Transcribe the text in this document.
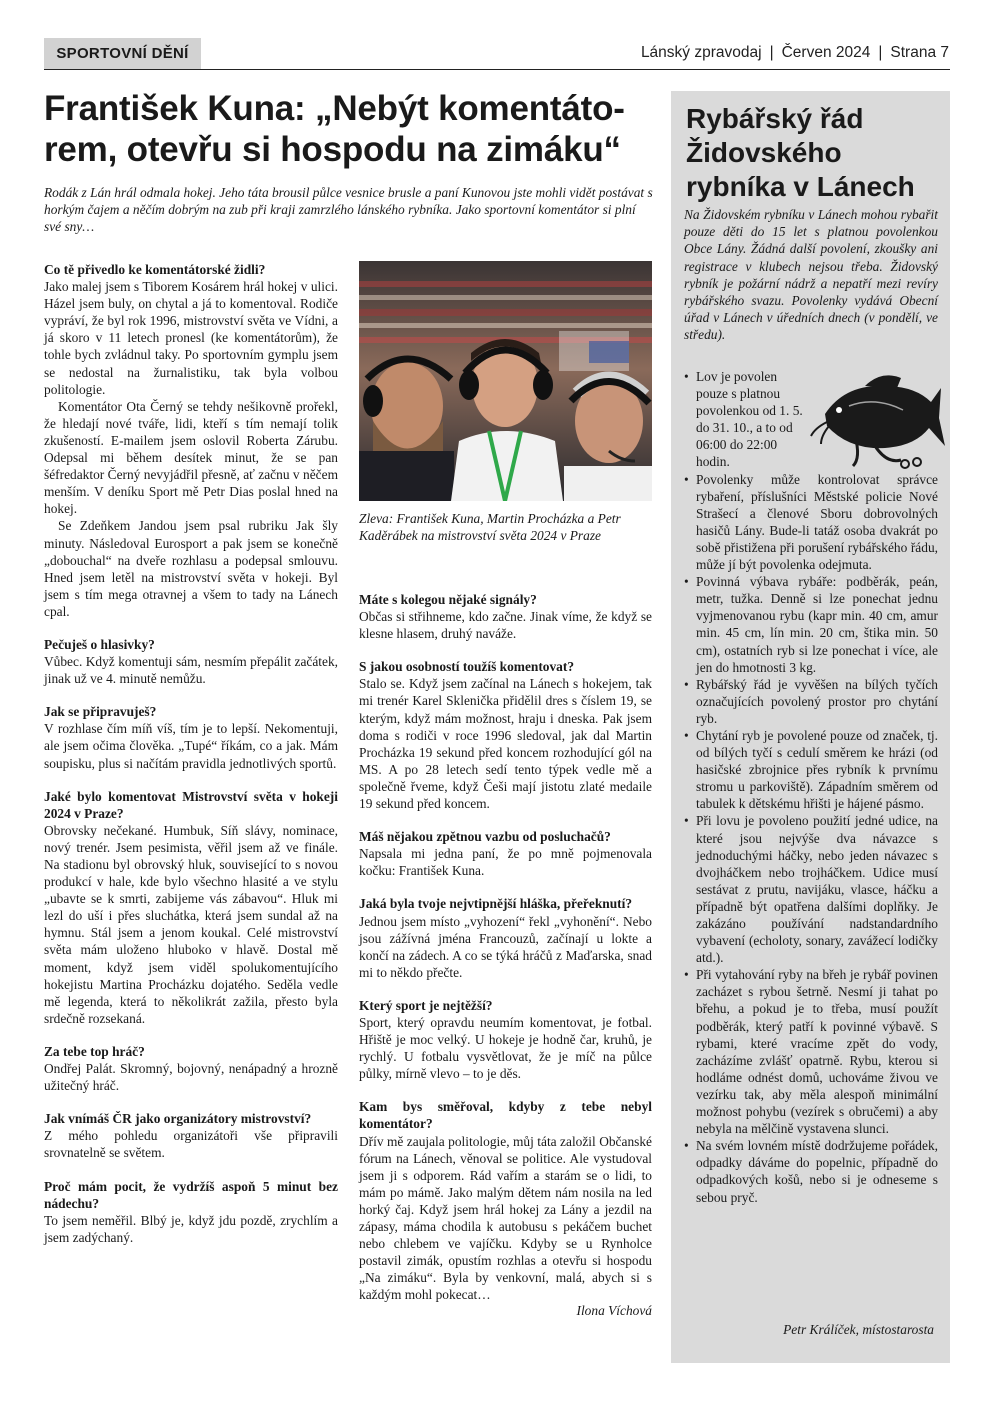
SPORTOVNÍ DĚNÍ	Lánský zpravodaj | Červen 2024 | Strana 7
František Kuna: „Nebýt komentátorem, otevřu si hospodu na zimáku“

Rodák z Lán hrál odmala hokej. Jeho táta brousil půlce vesnice brusle a paní Kunovou jste mohli vidět postávat s horkým čajem a něčím dobrým na zub při kraji zamrzlého lánského rybníka. Jako sportovní komentátor si plní své sny…

Co tě přivedlo ke komentátorské židli?

Jako malej jsem s Tiborem Kosárem hrál hokej v ulici. Házel jsem buly, on chytal a já to komentoval. Rodiče vypráví, že byl rok 1996, mistrovství světa ve Vídni, a já skoro v 11 letech pronesl (ke komentátorům), že tohle bych zvládnul taky. Po sportovním gymplu jsem se nedostal na žurnalistiku, tak byla volbou politologie.

Komentátor Ota Černý se tehdy nešikovně prořekl, že hledají nové tváře, lidi, kteří s tím nemají tolik zkušeností. E-mailem jsem oslovil Roberta Zárubu. Odepsal mi během desítek minut, že se pan šéfredaktor Černý nevyjádřil přesně, ať začnu v něčem menším. V deníku Sport mě Petr Dias poslal hned na hokej.

Se Zdeňkem Jandou jsem psal rubriku Jak šly minuty. Následoval Eurosport a pak jsem se konečně „dobouchal“ na dveře rozhlasu a podepsal smlouvu. Hned jsem letěl na mistrovství světa v hokeji. Byl jsem s tím mega otravnej a všem to tady na Lánech cpal.

Pečuješ o hlasivky?

Vůbec. Když komentuji sám, nesmím přepálit začátek, jinak už ve 4. minutě nemůžu.

Jak se připravuješ?

V rozhlase čím míň víš, tím je to lepší. Nekomentuji, ale jsem očima člověka. „Tupé“ říkám, co a jak. Mám soupisku, plus si načítám pravidla jednotlivých sportů.

Jaké bylo komentovat Mistrovství světa v hokeji 2024 v Praze?

Obrovsky nečekané. Humbuk, Síň slávy, nominace, nový trenér. Jsem pesimista, věřil jsem až ve finále. Na stadionu byl obrovský hluk, související to s novou produkcí v hale, kde bylo všechno hlasité a ve stylu „ubavte se k smrti, zabijeme vás zábavou“. Hluk mi lezl do uší i přes sluchátka, která jsem sundal až na hymnu. Stál jsem a jenom koukal. Celé mistrovství světa mám uloženo hluboko v hlavě. Dostal mě moment, když jsem viděl spolukomentujícího hokejistu Martina Procházku dojatého. Seděla vedle mě legenda, která to několikrát zažila, přesto byla srdečně rozsekaná.

Za tebe top hráč?

Ondřej Palát. Skromný, bojovný, nenápadný a hrozně užitečný hráč.

Jak vnímáš ČR jako organizátory mistrovství?

Z mého pohledu organizátoři vše připravili srovnatelně se světem.

Proč mám pocit, že vydržíš aspoň 5 minut bez nádechu?

To jsem neměřil. Blbý je, když jdu pozdě, zrychlím a jsem zadýchaný.

Zleva: František Kuna, Martin Procházka a Petr Kaděrábek na mistrovství světa 2024 v Praze

Máte s kolegou nějaké signály?

Občas si střihneme, kdo začne. Jinak víme, že když se klesne hlasem, druhý naváže.

S jakou osobností toužíš komentovat?

Stalo se. Když jsem začínal na Lánech s hokejem, tak mi trenér Karel Sklenička přidělil dres s číslem 19, se kterým, když mám možnost, hraju i dneska. Pak jsem doma s rodiči v roce 1996 sledoval, jak dal Martin Procházka 19 sekund před koncem rozhodující gól na MS. A po 28 letech sedí tento týpek vedle mě a společně řveme, když Češi mají jistotu zlaté medaile 19 sekund před koncem.

Máš nějakou zpětnou vazbu od posluchačů?

Napsala mi jedna paní, že po mně pojmenovala kočku: František Kuna.

Jaká byla tvoje nejvtipnější hláška, přeřeknutí?

Jednou jsem místo „vyhození“ řekl „vyhonění“. Nebo jsou zážívná jména Francouzů, začínají u lokte a končí na zádech. A co se týká hráčů z Maďarska, snad mi to někdo přečte.

Který sport je nejtěžší?

Sport, který opravdu neumím komentovat, je fotbal. Hřiště je moc velký. U hokeje je hodně čar, kruhů, je rychlý. U fotbalu vysvětlovat, že je míč na půlce půlky, mírně vlevo – to je děs.

Kam bys směřoval, kdyby z tebe nebyl komentátor?

Dřív mě zaujala politologie, můj táta založil Občanské fórum na Lánech, věnoval se politice. Ale vystudoval jsem ji s odporem. Rád vařím a starám se o lidi, to mám po mámě. Jako malým dětem nám nosila na led horký čaj. Když jsem hrál hokej za Lány a jezdil na zápasy, máma chodila k autobusu s pekáčem buchet nebo chlebem ve vajíčku. Kdyby se u Rynholce postavil zimák, opustím rozhlas a otevřu si hospodu „Na zimáku“. Byla by venkovní, malá, abych si s každým mohl pokecat…

Ilona Víchová

Rybářský řád Židovského rybníka v Lánech

Na Židovském rybníku v Lánech mohou rybařit pouze děti do 15 let s platnou povolenkou Obce Lány. Žádná další povolení, zkoušky ani registrace v klubech nejsou třeba. Židovský rybník je požární nádrž a nepatří mezi revíry rybářského svazu. Povolenky vydává Obecní úřad v Lánech v úředních dnech (v pondělí, ve středu).

• Lov je povolen pouze s platnou povolenkou od 1. 5. do 31. 10., a to od 06:00 do 22:00 hodin.
• Povolenky může kontrolovat správce rybaření, příslušníci Městské policie Nové Strašecí a členové Sboru dobrovolných hasičů Lány. Bude-li tatáž osoba dvakrát po sobě přistižena při porušení rybářského řádu, může jí být povolenka odejmuta.
• Povinná výbava rybáře: podběrák, peán, metr, tužka. Denně si lze ponechat jednu vyjmenovanou rybu (kapr min. 40 cm, amur min. 45 cm, lín min. 20 cm, štika min. 50 cm), ostatních ryb si lze ponechat i více, ale jen do hmotnosti 3 kg.
• Rybářský řád je vyvěšen na bílých tyčích označujících povolený prostor pro chytání ryb.
• Chytání ryb je povolené pouze od značek, tj. od bílých tyčí s cedulí směrem ke hrázi (od hasičské zbrojnice přes rybník k prvnímu stromu u parkoviště). Západním směrem od tabulek k dětskému hřišti je hájené pásmo.
• Při lovu je povoleno použití jedné udice, na které jsou nejvýše dva návazce s jednoduchými háčky, nebo jeden návazec s dvojháčkem nebo trojháčkem. Udice musí sestávat z prutu, navijáku, vlasce, háčku a případně být opatřena dalšími doplňky. Je zakázáno používání nadstandardního vybavení (echoloty, sonary, zavážecí lodičky atd.).
• Při vytahování ryby na břeh je rybář povinen zacházet s rybou šetrně. Nesmí ji tahat po břehu, a pokud je to třeba, musí použít podběrák, který patří k povinné výbavě. S rybami, které vracíme zpět do vody, zacházíme zvlášť opatrně. Rybu, kterou si hodláme odnést domů, uchováme živou ve vezírku tak, aby měla alespoň minimální možnost pohybu (vezírek s obručemi) a aby nebyla na mělčině vystavena slunci.
• Na svém lovném místě dodržujeme pořádek, odpadky dáváme do popelnic, případně do odpadkových košů, nebo si je odneseme s sebou pryč.

Petr Králíček, místostarosta
